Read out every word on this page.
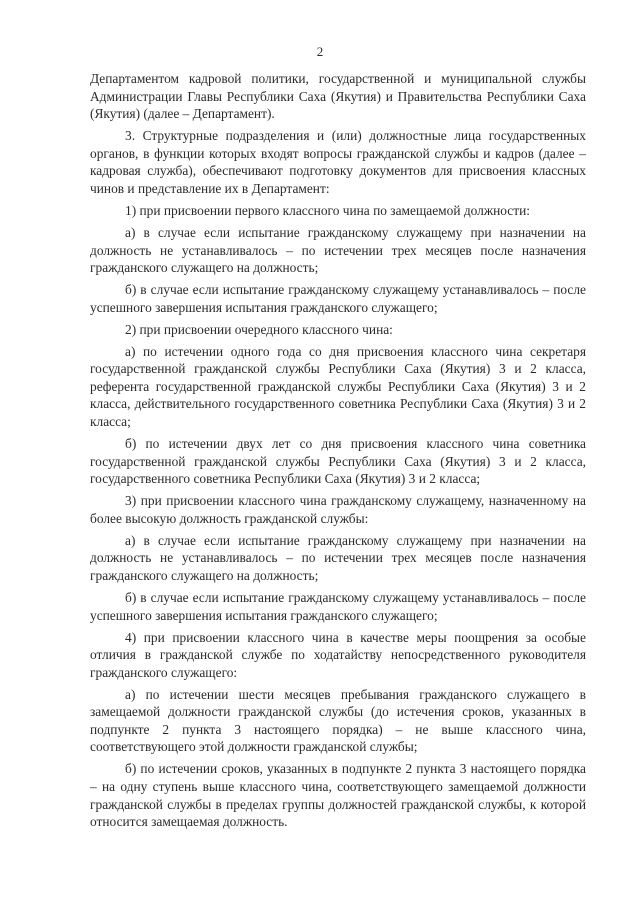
2

Департаментом кадровой политики, государственной и муниципальной службы Администрации Главы Республики Саха (Якутия) и Правительства Республики Саха (Якутия) (далее – Департамент).

3. Структурные подразделения и (или) должностные лица государственных органов, в функции которых входят вопросы гражданской службы и кадров (далее – кадровая служба), обеспечивают подготовку документов для присвоения классных чинов и представление их в Департамент:

1) при присвоении первого классного чина по замещаемой должности:

а) в случае если испытание гражданскому служащему при назначении на должность не устанавливалось – по истечении трех месяцев после назначения гражданского служащего на должность;

б) в случае если испытание гражданскому служащему устанавливалось – после успешного завершения испытания гражданского служащего;

2) при присвоении очередного классного чина:

а) по истечении одного года со дня присвоения классного чина секретаря государственной гражданской службы Республики Саха (Якутия) 3 и 2 класса, референта государственной гражданской службы Республики Саха (Якутия) 3 и 2 класса, действительного государственного советника Республики Саха (Якутия) 3 и 2 класса;

б) по истечении двух лет со дня присвоения классного чина советника государственной гражданской службы Республики Саха (Якутия) 3 и 2 класса, государственного советника Республики Саха (Якутия) 3 и 2 класса;

3) при присвоении классного чина гражданскому служащему, назначенному на более высокую должность гражданской службы:

а) в случае если испытание гражданскому служащему при назначении на должность не устанавливалось – по истечении трех месяцев после назначения гражданского служащего на должность;

б) в случае если испытание гражданскому служащему устанавливалось – после успешного завершения испытания гражданского служащего;

4) при присвоении классного чина в качестве меры поощрения за особые отличия в гражданской службе по ходатайству непосредственного руководителя гражданского служащего:

а) по истечении шести месяцев пребывания гражданского служащего в замещаемой должности гражданской службы (до истечения сроков, указанных в подпункте 2 пункта 3 настоящего порядка) – не выше классного чина, соответствующего этой должности гражданской службы;

б) по истечении сроков, указанных в подпункте 2 пункта 3 настоящего порядка – на одну ступень выше классного чина, соответствующего замещаемой должности гражданской службы в пределах группы должностей гражданской службы, к которой относится замещаемая должность.
